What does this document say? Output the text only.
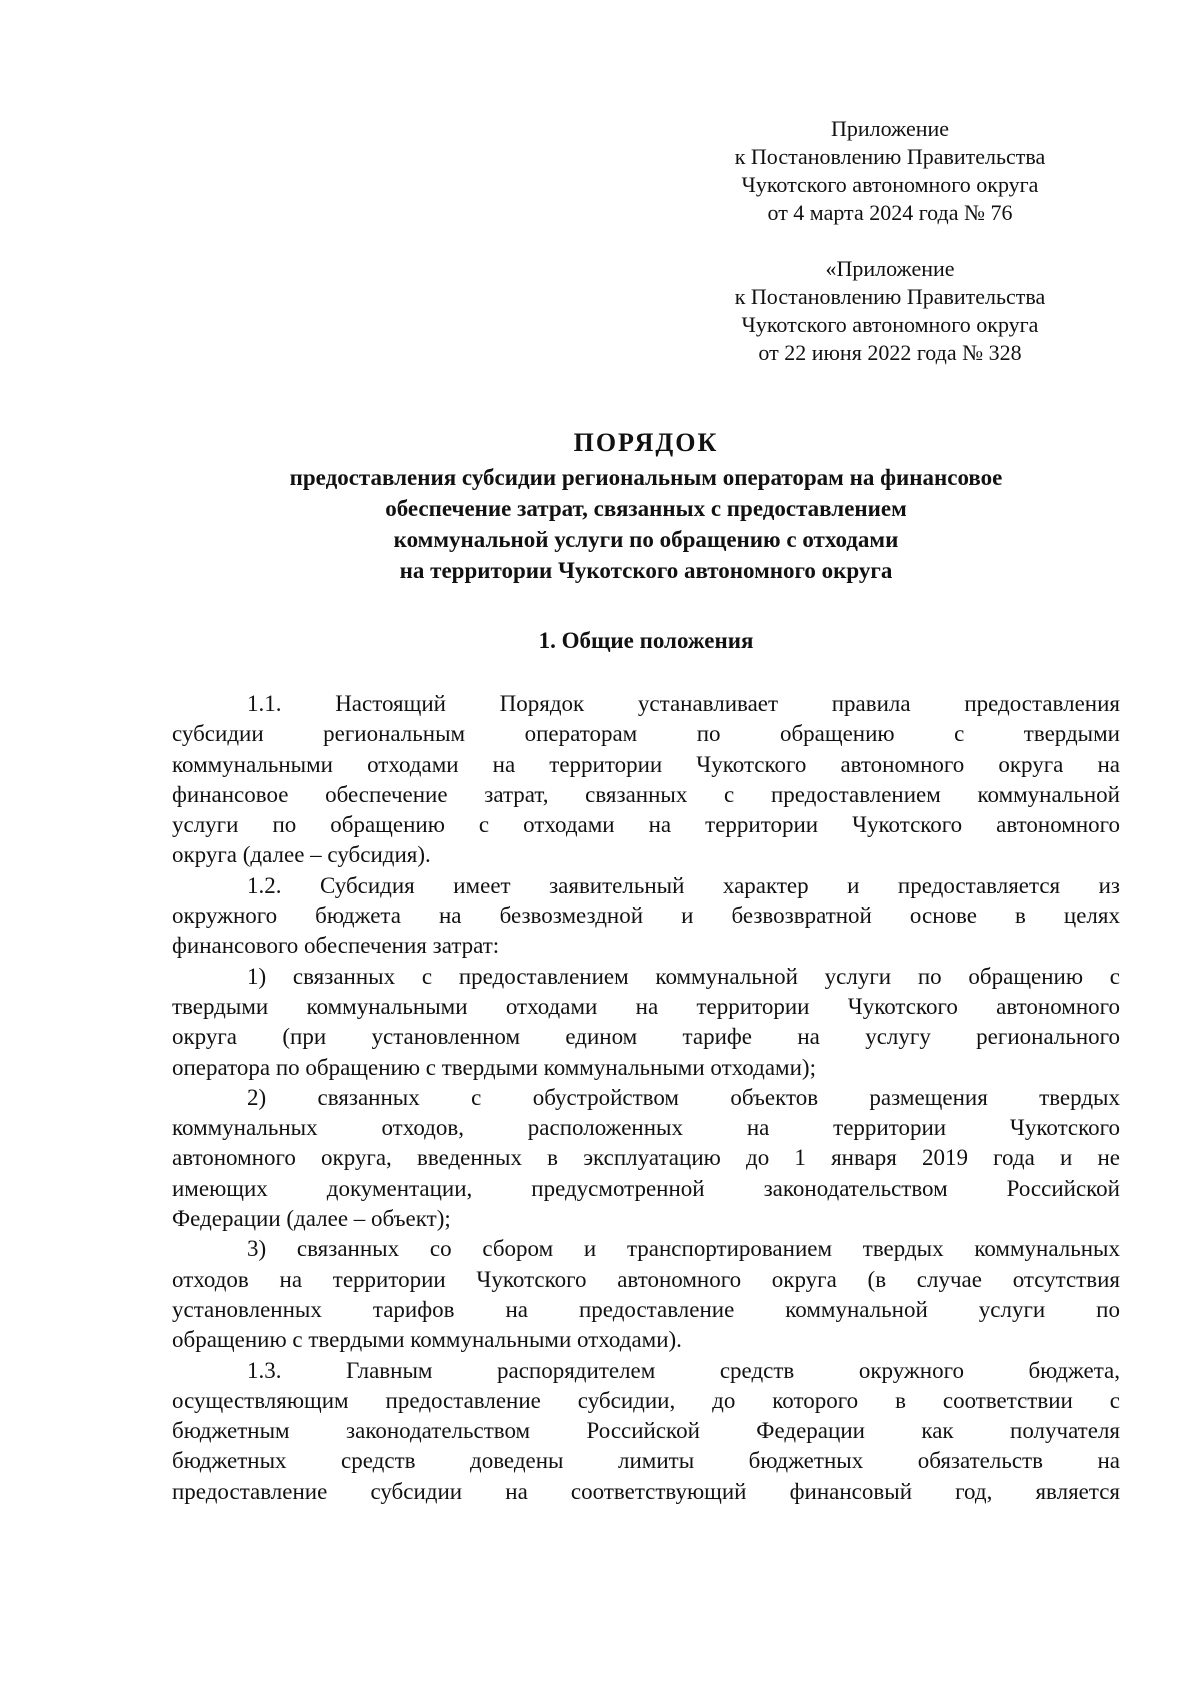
Приложение
к Постановлению Правительства
Чукотского автономного округа
от 4 марта 2024 года № 76
«Приложение
к Постановлению Правительства
Чукотского автономного округа
от 22 июня 2022 года № 328
ПОРЯДОК
предоставления субсидии региональным операторам на финансовое
обеспечение затрат, связанных с предоставлением
коммунальной услуги по обращению с отходами
на территории Чукотского автономного округа
1. Общие положения
1.1. Настоящий Порядок устанавливает правила предоставления
субсидии региональным операторам по обращению с твердыми
коммунальными отходами на территории Чукотского автономного округа на
финансовое обеспечение затрат, связанных с предоставлением коммунальной
услуги по обращению с отходами на территории Чукотского автономного
округа (далее – субсидия).
1.2. Субсидия имеет заявительный характер и предоставляется из
окружного бюджета на безвозмездной и безвозвратной основе в целях
финансового обеспечения затрат:
1) связанных с предоставлением коммунальной услуги по обращению с
твердыми коммунальными отходами на территории Чукотского автономного
округа (при установленном едином тарифе на услугу регионального
оператора по обращению с твердыми коммунальными отходами);
2) связанных с обустройством объектов размещения твердых
коммунальных отходов, расположенных на территории Чукотского
автономного округа, введенных в эксплуатацию до 1 января 2019 года и не
имеющих документации, предусмотренной законодательством Российской
Федерации (далее – объект);
3) связанных со сбором и транспортированием твердых коммунальных
отходов на территории Чукотского автономного округа (в случае отсутствия
установленных тарифов на предоставление коммунальной услуги по
обращению с твердыми коммунальными отходами).
1.3. Главным распорядителем средств окружного бюджета,
осуществляющим предоставление субсидии, до которого в соответствии с
бюджетным законодательством Российской Федерации как получателя
бюджетных средств доведены лимиты бюджетных обязательств на
предоставление субсидии на соответствующий финансовый год, является
